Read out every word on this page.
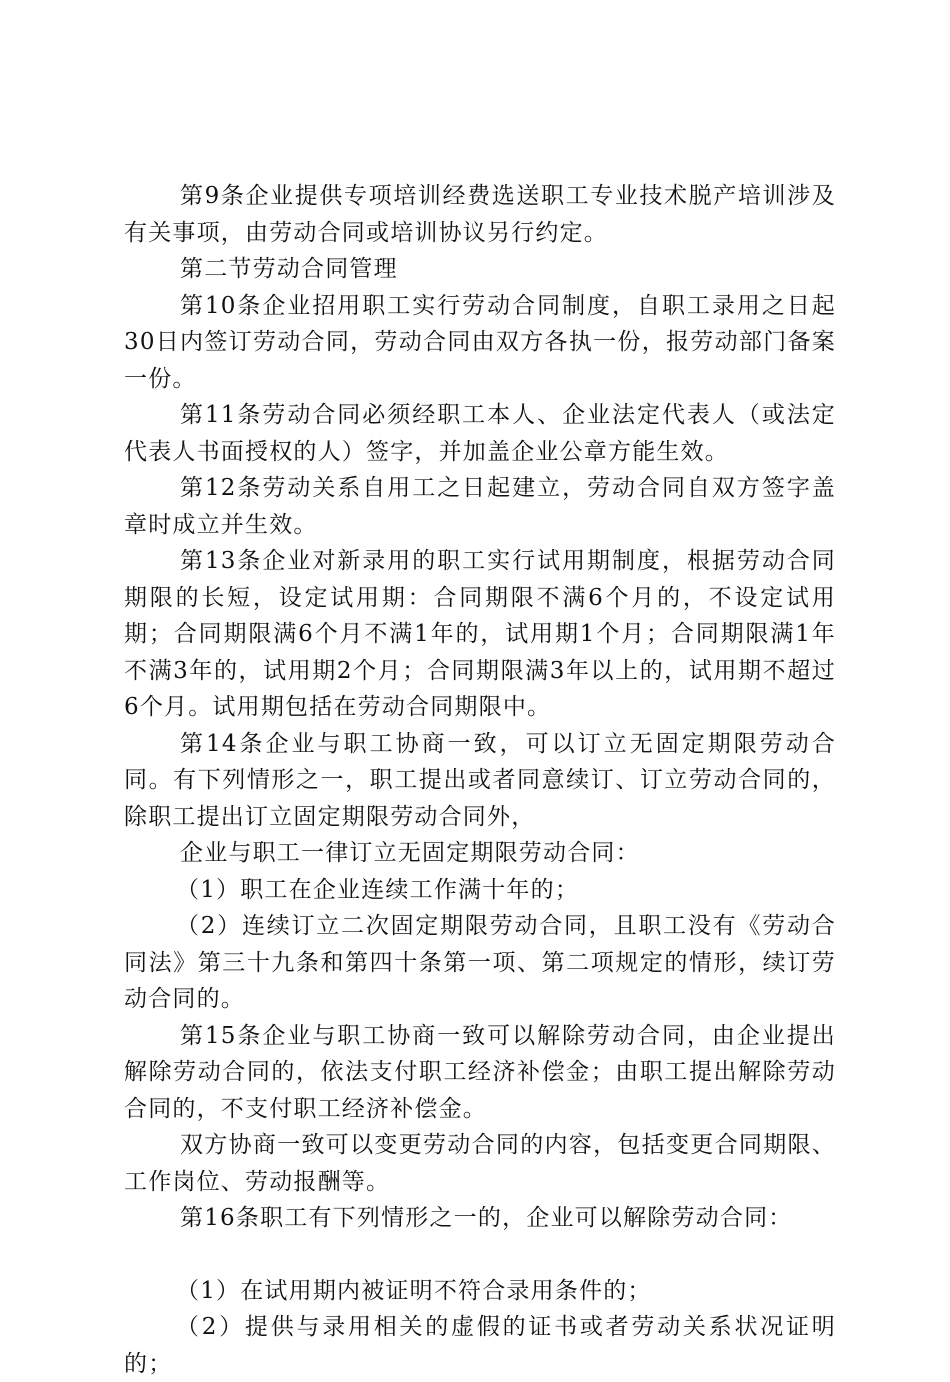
第9条企业提供专项培训经费选送职工专业技术脱产培训涉及有关事项，由劳动合同或培训协议另行约定。

第二节劳动合同管理

第10条企业招用职工实行劳动合同制度，自职工录用之日起30日内签订劳动合同，劳动合同由双方各执一份，报劳动部门备案一份。

第11条劳动合同必须经职工本人、企业法定代表人（或法定代表人书面授权的人）签字，并加盖企业公章方能生效。

第12条劳动关系自用工之日起建立，劳动合同自双方签字盖章时成立并生效。

第13条企业对新录用的职工实行试用期制度，根据劳动合同期限的长短，设定试用期：合同期限不满6个月的，不设定试用期；合同期限满6个月不满1年的，试用期1个月；合同期限满1年不满3年的，试用期2个月；合同期限满3年以上的，试用期不超过6个月。试用期包括在劳动合同期限中。

第14条企业与职工协商一致，可以订立无固定期限劳动合同。有下列情形之一，职工提出或者同意续订、订立劳动合同的，除职工提出订立固定期限劳动合同外，

企业与职工一律订立无固定期限劳动合同：

（1）职工在企业连续工作满十年的；

（2）连续订立二次固定期限劳动合同，且职工没有《劳动合同法》第三十九条和第四十条第一项、第二项规定的情形，续订劳动合同的。

第15条企业与职工协商一致可以解除劳动合同，由企业提出解除劳动合同的，依法支付职工经济补偿金；由职工提出解除劳动合同的，不支付职工经济补偿金。

双方协商一致可以变更劳动合同的内容，包括变更合同期限、工作岗位、劳动报酬等。

第16条职工有下列情形之一的，企业可以解除劳动合同：

（1）在试用期内被证明不符合录用条件的；

（2）提供与录用相关的虚假的证书或者劳动关系状况证明的；
